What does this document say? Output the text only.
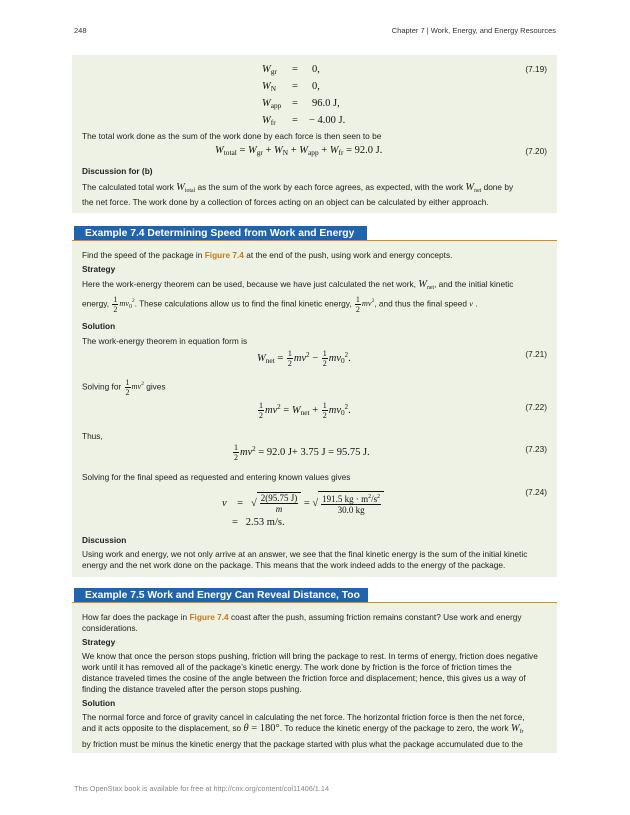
248	Chapter 7 | Work, Energy, and Energy Resources
$W_{gr} = 0$,
$W_N = 0$,
$W_{app} = 96.0$ J,
$W_{fr}$ = − 4.00 J.
(7.19)
The total work done as the sum of the work done by each force is then seen to be
$W_{total} = W_{gr} + W_N + W_{app} + W_{fr} = 92.0$ J.	(7.20)
Discussion for (b)
The calculated total work $W_{total}$ as the sum of the work by each force agrees, as expected, with the work $W_{net}$ done by
the net force. The work done by a collection of forces acting on an object can be calculated by either approach.
Example 7.4 Determining Speed from Work and Energy
Find the speed of the package in Figure 7.4 at the end of the push, using work and energy concepts.
Strategy
Here the work-energy theorem can be used, because we have just calculated the net work, $W_{net}$, and the initial kinetic
energy, $\frac{1}{2} mv_0^2$. These calculations allow us to find the final kinetic energy, $\frac{1}{2} mv^2$, and thus the final speed v .
Solution
The work-energy theorem in equation form is
$W_{net} = \frac{1}{2} mv^2 - \frac{1}{2} mv_0^2$.	(7.21)
Solving for $\frac{1}{2} mv^2$ gives
$\frac{1}{2} mv^2 = W_{net} + \frac{1}{2} mv_0^2$.	(7.22)
Thus,
$\frac{1}{2} mv^2 = 92.0$ J+ 3.75 J = 95.75 J.	(7.23)
Solving for the final speed as requested and entering known values gives
v    =   √ $\frac{2(95.75 J)}{m}$ = √ $\frac{191.5 kg \cdot m^2/s^2}{30.0 kg}$	(7.24)
=   2.53 m/s.
Discussion
Using work and energy, we not only arrive at an answer, we see that the final kinetic energy is the sum of the initial kinetic
energy and the net work done on the package. This means that the work indeed adds to the energy of the package.
Example 7.5 Work and Energy Can Reveal Distance, Too
How far does the package in Figure 7.4 coast after the push, assuming friction remains constant? Use work and energy
considerations.
Strategy
We know that once the person stops pushing, friction will bring the package to rest. In terms of energy, friction does negative
work until it has removed all of the package’s kinetic energy. The work done by friction is the force of friction times the
distance traveled times the cosine of the angle between the friction force and displacement; hence, this gives us a way of
finding the distance traveled after the person stops pushing.
Solution
The normal force and force of gravity cancel in calculating the net force. The horizontal friction force is then the net force,
and it acts opposite to the displacement, so θ = 180°. To reduce the kinetic energy of the package to zero, the work $W_{fr}$
by friction must be minus the kinetic energy that the package started with plus what the package accumulated due to the
This OpenStax book is available for free at http://cnx.org/content/col11406/1.14
